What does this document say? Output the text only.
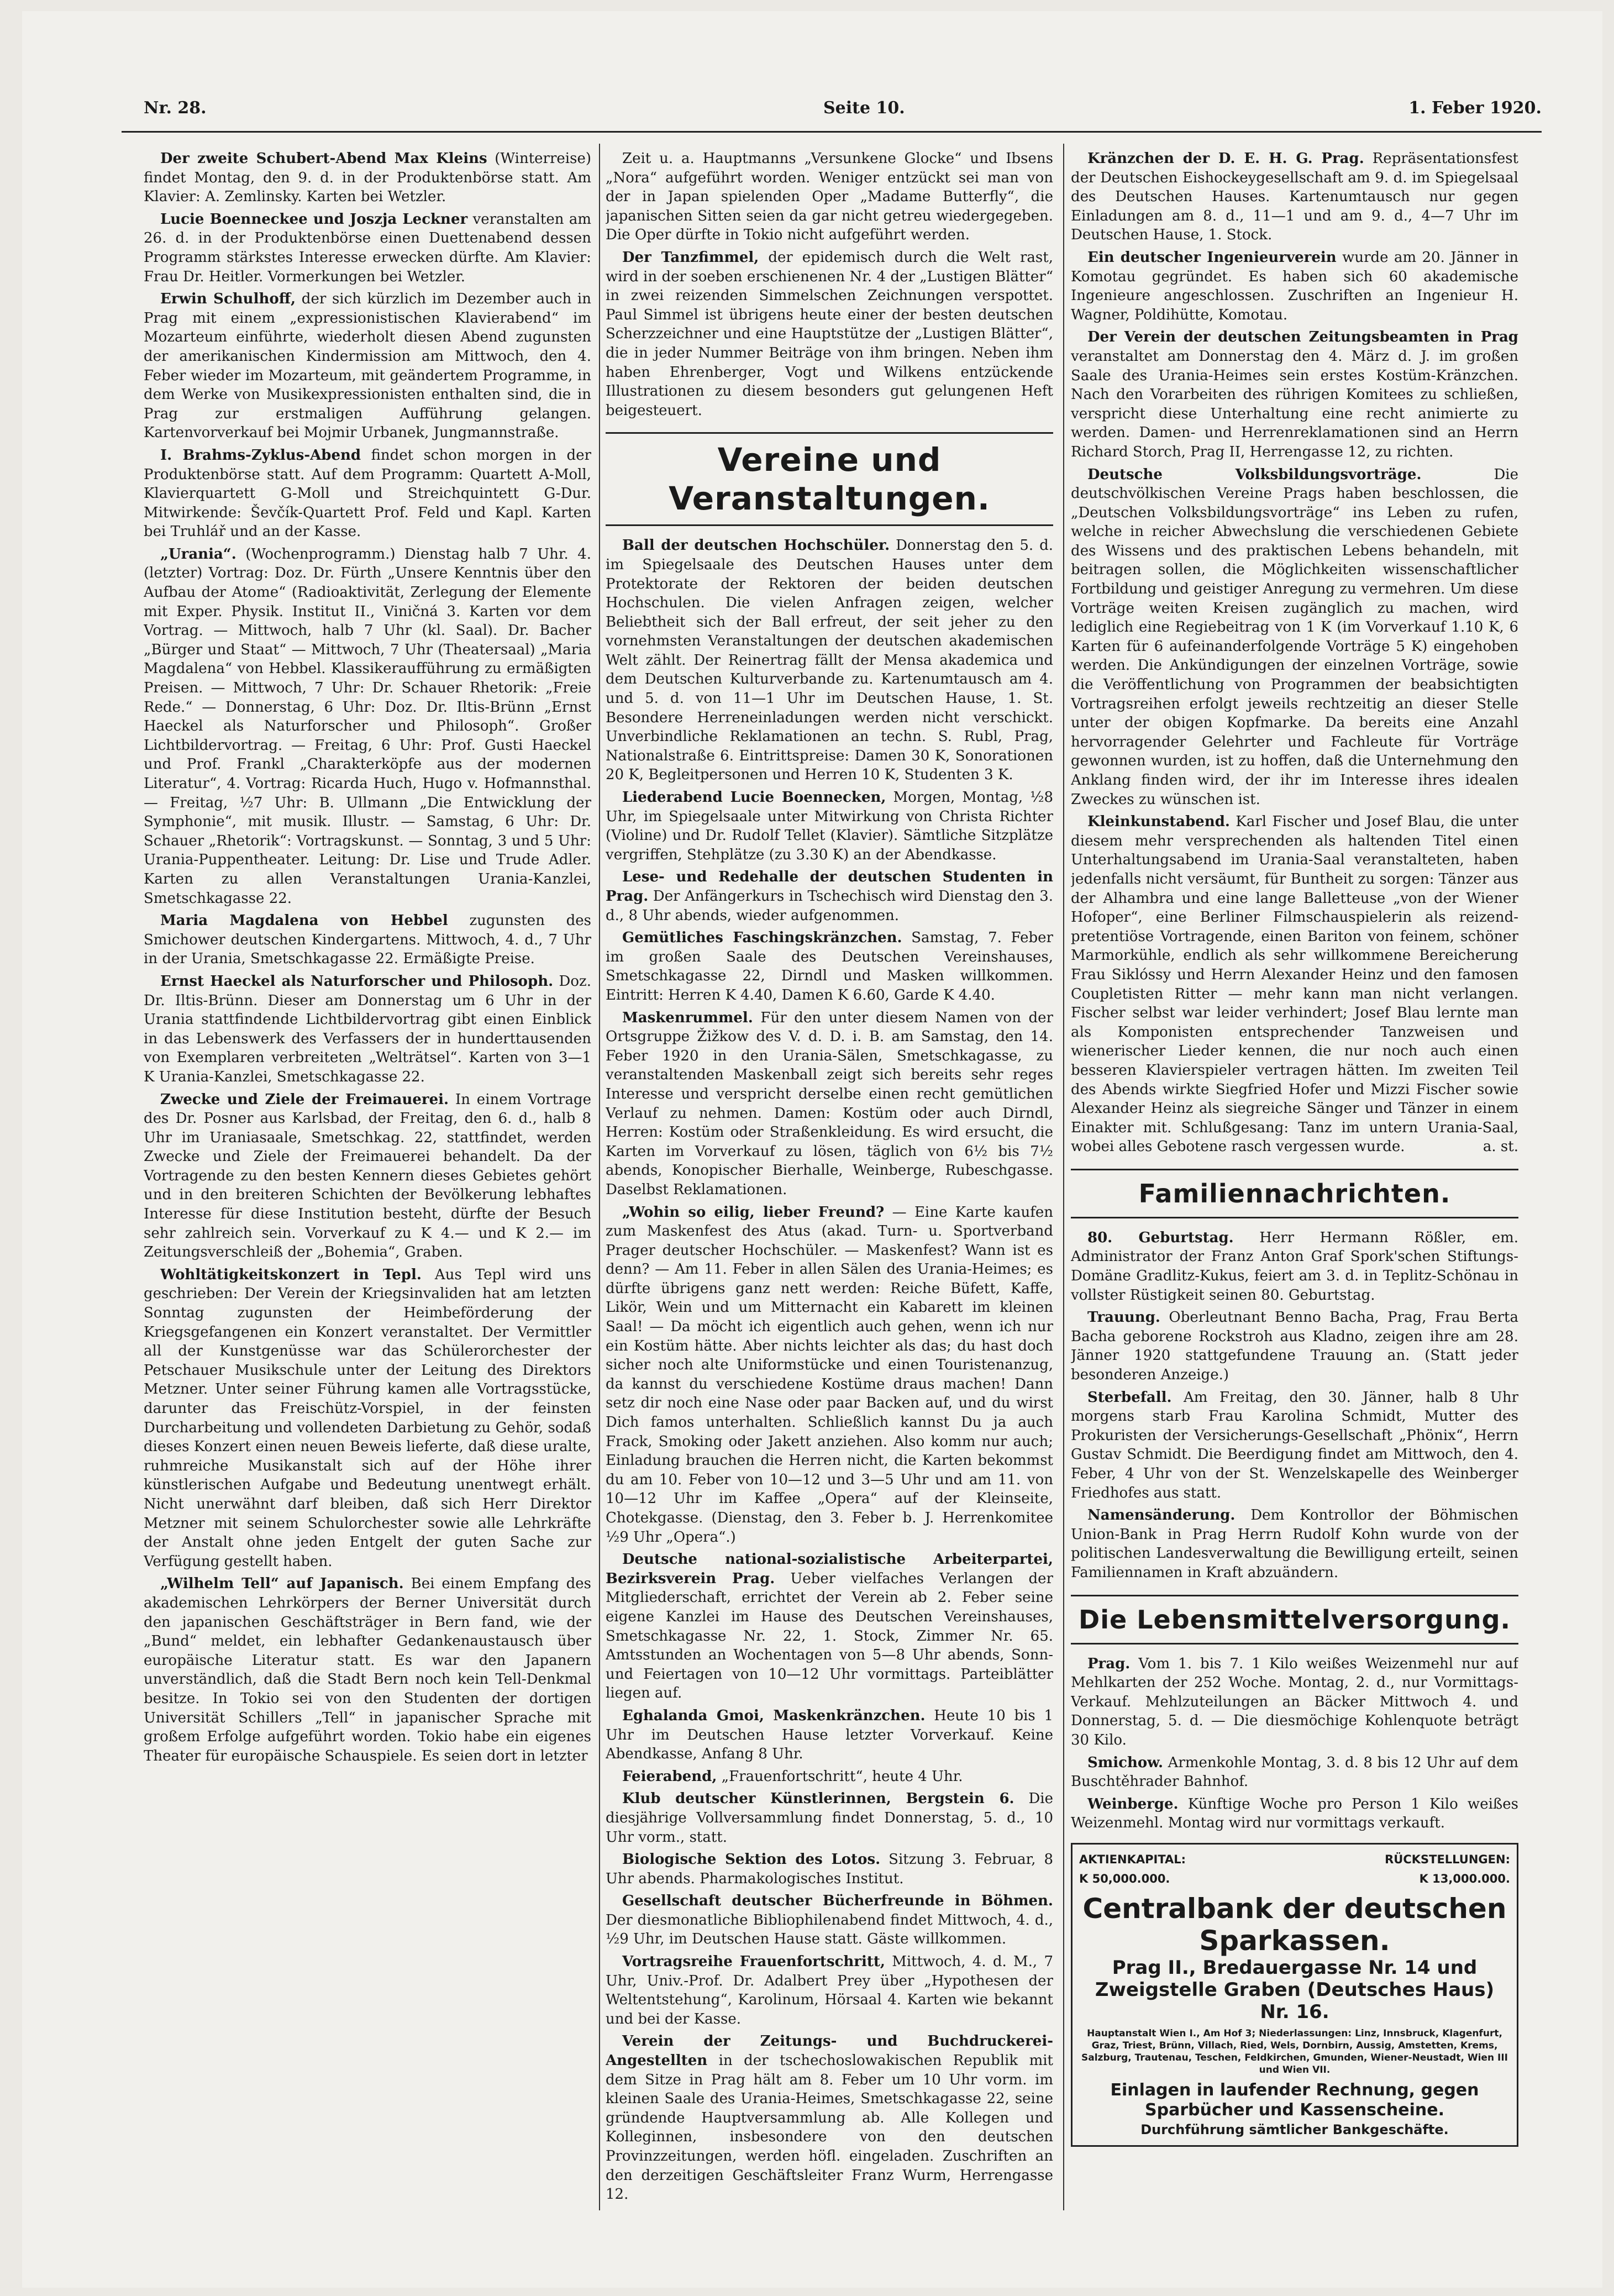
Nr. 28.	Seite 10.	1. Feber 1920.

Der zweite Schubert-Abend Max Kleins (Winterreise) findet Montag, den 9. d. in der Produktenbörse statt. Am Klavier: A. Zemlinsky. Karten bei Wetzler.

Lucie Boenneckee und Joszja Leckner veranstalten am 26. d. in der Produktenbörse einen Duettenabend dessen Programm stärkstes Interesse erwecken dürfte. Am Klavier: Frau Dr. Heitler. Vormerkungen bei Wetzler.

Erwin Schulhoff, der sich kürzlich im Dezember auch in Prag mit einem „expressionistischen Klavierabend“ im Mozarteum einführte, wiederholt diesen Abend zugunsten der amerikanischen Kindermission am Mittwoch, den 4. Feber wieder im Mozarteum, mit geändertem Programme, in dem Werke von Musikexpressionisten enthalten sind, die in Prag zur erstmaligen Aufführung gelangen. Kartenvorverkauf bei Mojmir Urbanek, Jungmannstraße.

I. Brahms-Zyklus-Abend findet schon morgen in der Produktenbörse statt. Auf dem Programm: Quartett A-Moll, Klavierquartett G-Moll und Streichquintett G-Dur. Mitwirkende: Ševčík-Quartett Prof. Feld und Kapl. Karten bei Truhlář und an der Kasse.

„Urania“. (Wochenprogramm.) Dienstag halb 7 Uhr. 4. (letzter) Vortrag: Doz. Dr. Fürth „Unsere Kenntnis über den Aufbau der Atome“ (Radioaktivität, Zerlegung der Elemente mit Exper. Physik. Institut II., Viničná 3. Karten vor dem Vortrag. — Mittwoch, halb 7 Uhr (kl. Saal). Dr. Bacher „Bürger und Staat“ — Mittwoch, 7 Uhr (Theatersaal) „Maria Magdalena“ von Hebbel. Klassikeraufführung zu ermäßigten Preisen. — Mittwoch, 7 Uhr: Dr. Schauer Rhetorik: „Freie Rede.“ — Donnerstag, 6 Uhr: Doz. Dr. Iltis-Brünn „Ernst Haeckel als Naturforscher und Philosoph“. Großer Lichtbildervortrag. — Freitag, 6 Uhr: Prof. Gusti Haeckel und Prof. Frankl „Charakterköpfe aus der modernen Literatur“, 4. Vortrag: Ricarda Huch, Hugo v. Hofmannsthal. — Freitag, ½7 Uhr: B. Ullmann „Die Entwicklung der Symphonie“, mit musik. Illustr. — Samstag, 6 Uhr: Dr. Schauer „Rhetorik“: Vortragskunst. — Sonntag, 3 und 5 Uhr: Urania-Puppentheater. Leitung: Dr. Lise und Trude Adler. Karten zu allen Veranstaltungen Urania-Kanzlei, Smetschkagasse 22.

Maria Magdalena von Hebbel zugunsten des Smichower deutschen Kindergartens. Mittwoch, 4. d., 7 Uhr in der Urania, Smetschkagasse 22. Ermäßigte Preise.

Ernst Haeckel als Naturforscher und Philosoph. Doz. Dr. Iltis-Brünn. Dieser am Donnerstag um 6 Uhr in der Urania stattfindende Lichtbildervortrag gibt einen Einblick in das Lebenswerk des Verfassers der in hunderttausenden von Exemplaren verbreiteten „Welträtsel“. Karten von 3—1 K Urania-Kanzlei, Smetschkagasse 22.

Zwecke und Ziele der Freimauerei. In einem Vortrage des Dr. Posner aus Karlsbad, der Freitag, den 6. d., halb 8 Uhr im Uraniasaale, Smetschkag. 22, stattfindet, werden Zwecke und Ziele der Freimauerei behandelt. Da der Vortragende zu den besten Kennern dieses Gebietes gehört und in den breiteren Schichten der Bevölkerung lebhaftes Interesse für diese Institution besteht, dürfte der Besuch sehr zahlreich sein. Vorverkauf zu K 4.— und K 2.— im Zeitungsverschleiß der „Bohemia“, Graben.

Wohltätigkeitskonzert in Tepl. Aus Tepl wird uns geschrieben: Der Verein der Kriegsinvaliden hat am letzten Sonntag zugunsten der Heimbeförderung der Kriegsgefangenen ein Konzert veranstaltet. Der Vermittler all der Kunstgenüsse war das Schülerorchester der Petschauer Musikschule unter der Leitung des Direktors Metzner. Unter seiner Führung kamen alle Vortragsstücke, darunter das Freischütz-Vorspiel, in der feinsten Durcharbeitung und vollendeten Darbietung zu Gehör, sodaß dieses Konzert einen neuen Beweis lieferte, daß diese uralte, ruhmreiche Musikanstalt sich auf der Höhe ihrer künstlerischen Aufgabe und Bedeutung unentwegt erhält. Nicht unerwähnt darf bleiben, daß sich Herr Direktor Metzner mit seinem Schulorchester sowie alle Lehrkräfte der Anstalt ohne jeden Entgelt der guten Sache zur Verfügung gestellt haben.

„Wilhelm Tell“ auf Japanisch. Bei einem Empfang des akademischen Lehrkörpers der Berner Universität durch den japanischen Geschäftsträger in Bern fand, wie der „Bund“ meldet, ein lebhafter Gedankenaustausch über europäische Literatur statt. Es war den Japanern unverständlich, daß die Stadt Bern noch kein Tell-Denkmal besitze. In Tokio sei von den Studenten der dortigen Universität Schillers „Tell“ in japanischer Sprache mit großem Erfolge aufgeführt worden. Tokio habe ein eigenes Theater für europäische Schauspiele. Es seien dort in letzter

Zeit u. a. Hauptmanns „Versunkene Glocke“ und Ibsens „Nora“ aufgeführt worden. Weniger entzückt sei man von der in Japan spielenden Oper „Madame Butterfly“, die japanischen Sitten seien da gar nicht getreu wiedergegeben. Die Oper dürfte in Tokio nicht aufgeführt werden.

Der Tanzfimmel, der epidemisch durch die Welt rast, wird in der soeben erschienenen Nr. 4 der „Lustigen Blätter“ in zwei reizenden Simmelschen Zeichnungen verspottet. Paul Simmel ist übrigens heute einer der besten deutschen Scherzzeichner und eine Hauptstütze der „Lustigen Blätter“, die in jeder Nummer Beiträge von ihm bringen. Neben ihm haben Ehrenberger, Vogt und Wilkens entzückende Illustrationen zu diesem besonders gut gelungenen Heft beigesteuert.

Vereine und Veranstaltungen.

Ball der deutschen Hochschüler. Donnerstag den 5. d. im Spiegelsaale des Deutschen Hauses unter dem Protektorate der Rektoren der beiden deutschen Hochschulen. Die vielen Anfragen zeigen, welcher Beliebtheit sich der Ball erfreut, der seit jeher zu den vornehmsten Veranstaltungen der deutschen akademischen Welt zählt. Der Reinertrag fällt der Mensa akademica und dem Deutschen Kulturverbande zu. Kartenumtausch am 4. und 5. d. von 11—1 Uhr im Deutschen Hause, 1. St. Besondere Herreneinladungen werden nicht verschickt. Unverbindliche Reklamationen an techn. S. Rubl, Prag, Nationalstraße 6. Eintrittspreise: Damen 30 K, Sonorationen 20 K, Begleitpersonen und Herren 10 K, Studenten 3 K.

Liederabend Lucie Boennecken, Morgen, Montag, ½8 Uhr, im Spiegelsaale unter Mitwirkung von Christa Richter (Violine) und Dr. Rudolf Tellet (Klavier). Sämtliche Sitzplätze vergriffen, Stehplätze (zu 3.30 K) an der Abendkasse.

Lese- und Redehalle der deutschen Studenten in Prag. Der Anfängerkurs in Tschechisch wird Dienstag den 3. d., 8 Uhr abends, wieder aufgenommen.

Gemütliches Faschingskränzchen. Samstag, 7. Feber im großen Saale des Deutschen Vereinshauses, Smetschkagasse 22, Dirndl und Masken willkommen. Eintritt: Herren K 4.40, Damen K 6.60, Garde K 4.40.

Maskenrummel. Für den unter diesem Namen von der Ortsgruppe Žižkow des V. d. D. i. B. am Samstag, den 14. Feber 1920 in den Urania-Sälen, Smetschkagasse, zu veranstaltenden Maskenball zeigt sich bereits sehr reges Interesse und verspricht derselbe einen recht gemütlichen Verlauf zu nehmen. Damen: Kostüm oder auch Dirndl, Herren: Kostüm oder Straßenkleidung. Es wird ersucht, die Karten im Vorverkauf zu lösen, täglich von 6½ bis 7½ abends, Konopischer Bierhalle, Weinberge, Rubeschgasse. Daselbst Reklamationen.

„Wohin so eilig, lieber Freund? — Eine Karte kaufen zum Maskenfest des Atus (akad. Turn- u. Sportverband Prager deutscher Hochschüler. — Maskenfest? Wann ist es denn? — Am 11. Feber in allen Sälen des Urania-Heimes; es dürfte übrigens ganz nett werden: Reiche Büfett, Kaffe, Likör, Wein und um Mitternacht ein Kabarett im kleinen Saal! — Da möcht ich eigentlich auch gehen, wenn ich nur ein Kostüm hätte. Aber nichts leichter als das; du hast doch sicher noch alte Uniformstücke und einen Touristenanzug, da kannst du verschiedene Kostüme draus machen! Dann setz dir noch eine Nase oder paar Backen auf, und du wirst Dich famos unterhalten. Schließlich kannst Du ja auch Frack, Smoking oder Jakett anziehen. Also komm nur auch; Einladung brauchen die Herren nicht, die Karten bekommst du am 10. Feber von 10—12 und 3—5 Uhr und am 11. von 10—12 Uhr im Kaffee „Opera“ auf der Kleinseite, Chotekgasse. (Dienstag, den 3. Feber b. J. Herrenkomitee ½9 Uhr „Opera“.)

Deutsche national-sozialistische Arbeiterpartei, Bezirksverein Prag. Ueber vielfaches Verlangen der Mitgliederschaft, errichtet der Verein ab 2. Feber seine eigene Kanzlei im Hause des Deutschen Vereinshauses, Smetschkagasse Nr. 22, 1. Stock, Zimmer Nr. 65. Amtsstunden an Wochentagen von 5—8 Uhr abends, Sonn- und Feiertagen von 10—12 Uhr vormittags. Parteiblätter liegen auf.

Eghalanda Gmoi, Maskenkränzchen. Heute 10 bis 1 Uhr im Deutschen Hause letzter Vorverkauf. Keine Abendkasse, Anfang 8 Uhr.

Feierabend, „Frauenfortschritt“, heute 4 Uhr.

Klub deutscher Künstlerinnen, Bergstein 6. Die diesjährige Vollversammlung findet Donnerstag, 5. d., 10 Uhr vorm., statt.

Biologische Sektion des Lotos. Sitzung 3. Februar, 8 Uhr abends. Pharmakologisches Institut.

Gesellschaft deutscher Bücherfreunde in Böhmen. Der diesmonatliche Bibliophilenabend findet Mittwoch, 4. d., ½9 Uhr, im Deutschen Hause statt. Gäste willkommen.

Vortragsreihe Frauenfortschritt, Mittwoch, 4. d. M., 7 Uhr, Univ.-Prof. Dr. Adalbert Prey über „Hypothesen der Weltentstehung“, Karolinum, Hörsaal 4. Karten wie bekannt und bei der Kasse.

Verein der Zeitungs- und Buchdruckerei-Angestellten in der tschechoslowakischen Republik mit dem Sitze in Prag hält am 8. Feber um 10 Uhr vorm. im kleinen Saale des Urania-Heimes, Smetschkagasse 22, seine gründende Hauptversammlung ab. Alle Kollegen und Kolleginnen, insbesondere von den deutschen Provinzzeitungen, werden höfl. eingeladen. Zuschriften an den derzeitigen Geschäftsleiter Franz Wurm, Herrengasse 12.

Kränzchen der D. E. H. G. Prag. Repräsentationsfest der Deutschen Eishockeygesellschaft am 9. d. im Spiegelsaal des Deutschen Hauses. Kartenumtausch nur gegen Einladungen am 8. d., 11—1 und am 9. d., 4—7 Uhr im Deutschen Hause, 1. Stock.

Ein deutscher Ingenieurverein wurde am 20. Jänner in Komotau gegründet. Es haben sich 60 akademische Ingenieure angeschlossen. Zuschriften an Ingenieur H. Wagner, Poldihütte, Komotau.

Der Verein der deutschen Zeitungsbeamten in Prag veranstaltet am Donnerstag den 4. März d. J. im großen Saale des Urania-Heimes sein erstes Kostüm-Kränzchen. Nach den Vorarbeiten des rührigen Komitees zu schließen, verspricht diese Unterhaltung eine recht animierte zu werden. Damen- und Herrenreklamationen sind an Herrn Richard Storch, Prag II, Herrengasse 12, zu richten.

Deutsche Volksbildungsvorträge.	Die deutschvölkischen Vereine Prags haben beschlossen, die „Deutschen Volksbildungsvorträge“ ins Leben zu rufen, welche in reicher Abwechslung die verschiedenen Gebiete des Wissens und des praktischen Lebens behandeln, mit beitragen sollen, die Möglichkeiten wissenschaftlicher Fortbildung und geistiger Anregung zu vermehren. Um diese Vorträge weiten Kreisen zugänglich zu machen, wird lediglich eine Regiebeitrag von 1 K (im Vorverkauf 1.10 K, 6 Karten für 6 aufeinanderfolgende Vorträge 5 K) eingehoben werden. Die Ankündigungen der einzelnen Vorträge, sowie die Veröffentlichung von Programmen der beabsichtigten Vortragsreihen erfolgt jeweils rechtzeitig an dieser Stelle unter der obigen Kopfmarke. Da bereits eine Anzahl hervorragender Gelehrter und Fachleute für Vorträge gewonnen wurden, ist zu hoffen, daß die Unternehmung den Anklang finden wird, der ihr im Interesse ihres idealen Zweckes zu wünschen ist.

Kleinkunstabend. Karl Fischer und Josef Blau, die unter diesem mehr versprechenden als haltenden Titel einen Unterhaltungsabend im Urania-Saal veranstalteten, haben jedenfalls nicht versäumt, für Buntheit zu sorgen: Tänzer aus der Alhambra und eine lange Balletteuse „von der Wiener Hofoper“, eine Berliner Filmschauspielerin als reizend-pretentiöse Vortragende, einen Bariton von feinem, schöner Marmorkühle, endlich als sehr willkommene Bereicherung Frau Siklóssy und Herrn Alexander Heinz und den famosen Coupletisten Ritter — mehr kann man nicht verlangen. Fischer selbst war leider verhindert; Josef Blau lernte man als Komponisten entsprechender Tanzweisen und wienerischer Lieder kennen, die nur noch auch einen besseren Klavierspieler vertragen hätten. Im zweiten Teil des Abends wirkte Siegfried Hofer und Mizzi Fischer sowie Alexander Heinz als siegreiche Sänger und Tänzer in einem Einakter mit. Schlußgesang: Tanz im untern Urania-Saal, wobei alles Gebotene rasch vergessen wurde.	a. st.

Familiennachrichten.

80. Geburtstag. Herr Hermann Rößler, em. Administrator der Franz Anton Graf Spork'schen Stiftungs-Domäne Gradlitz-Kukus, feiert am 3. d. in Teplitz-Schönau in vollster Rüstigkeit seinen 80. Geburtstag.

Trauung. Oberleutnant Benno Bacha, Prag, Frau Berta Bacha geborene Rockstroh aus Kladno, zeigen ihre am 28. Jänner 1920 stattgefundene Trauung an. (Statt jeder besonderen Anzeige.)

Sterbefall. Am Freitag, den 30. Jänner, halb 8 Uhr morgens starb Frau Karolina Schmidt, Mutter des Prokuristen der Versicherungs-Gesellschaft „Phönix“, Herrn Gustav Schmidt. Die Beerdigung findet am Mittwoch, den 4. Feber, 4 Uhr von der St. Wenzelskapelle des Weinberger Friedhofes aus statt.

Namensänderung. Dem Kontrollor der Böhmischen Union-Bank in Prag Herrn Rudolf Kohn wurde von der politischen Landesverwaltung die Bewilligung erteilt, seinen Familiennamen in Kraft abzuändern.

Die Lebensmittelversorgung.

Prag. Vom 1. bis 7. 1 Kilo weißes Weizenmehl nur auf Mehlkarten der 252 Woche. Montag, 2. d., nur Vormittags-Verkauf. Mehlzuteilungen an Bäcker Mittwoch 4. und Donnerstag, 5. d. — Die diesmöchige Kohlenquote beträgt 30 Kilo.

Smichow. Armenkohle Montag, 3. d. 8 bis 12 Uhr auf dem Buschtěhrader Bahnhof.

Weinberge. Künftige Woche pro Person 1 Kilo weißes Weizenmehl. Montag wird nur vormittags verkauft.

AKTIENKAPITAL:	RÜCKSTELLUNGEN:
K 50,000.000.	K 13,000.000.
Centralbank der deutschen Sparkassen.
Prag II., Bredauergasse Nr. 14 und
Zweigstelle Graben (Deutsches Haus) Nr. 16.
Hauptanstalt Wien I., Am Hof 3; Niederlassungen: Linz, Innsbruck, Klagenfurt, Graz, Triest, Brünn, Villach, Ried, Wels, Dornbirn, Aussig, Amstetten, Krems, Salzburg, Trautenau, Teschen, Feldkirchen, Gmunden, Wiener-Neustadt, Wien III und Wien VII.
Einlagen in laufender Rechnung, gegen
Sparbücher und Kassenscheine.
Durchführung sämtlicher Bankgeschäfte.
